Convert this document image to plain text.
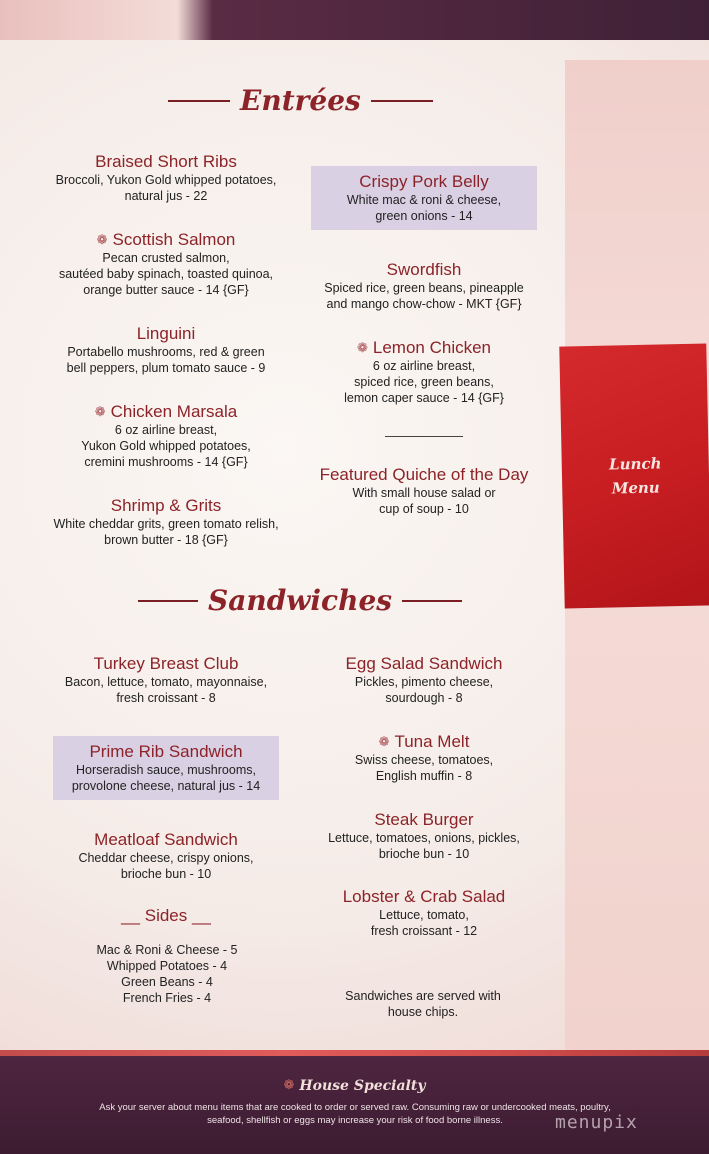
Lunch
Menu
Entrées
Braised Short Ribs
Broccoli, Yukon Gold whipped potatoes,
natural jus - 22
❁ Scottish Salmon
Pecan crusted salmon,
sautéed baby spinach, toasted quinoa,
orange butter sauce - 14 {GF}
Linguini
Portabello mushrooms, red & green
bell peppers, plum tomato sauce - 9
❁ Chicken Marsala
6 oz airline breast,
Yukon Gold whipped potatoes,
cremini mushrooms - 14 {GF}
Shrimp & Grits
White cheddar grits, green tomato relish,
brown butter - 18 {GF}
Crispy Pork Belly
White mac & roni & cheese,
green onions - 14
Swordfish
Spiced rice, green beans, pineapple
and mango chow-chow - MKT {GF}
❁ Lemon Chicken
6 oz airline breast,
spiced rice, green beans,
lemon caper sauce - 14 {GF}
Featured Quiche of the Day
With small house salad or
cup of soup - 10
Sandwiches
Turkey Breast Club
Bacon, lettuce, tomato, mayonnaise,
fresh croissant - 8
Prime Rib Sandwich
Horseradish sauce, mushrooms,
provolone cheese, natural jus - 14
Meatloaf Sandwich
Cheddar cheese, crispy onions,
brioche bun - 10
Egg Salad Sandwich
Pickles, pimento cheese,
sourdough - 8
❁ Tuna Melt
Swiss cheese, tomatoes,
English muffin - 8
Steak Burger
Lettuce, tomatoes, onions, pickles,
brioche bun - 10
Lobster & Crab Salad
Lettuce, tomato,
fresh croissant - 12
__ Sides __
Mac & Roni & Cheese - 5
Whipped Potatoes - 4
Green Beans - 4
French Fries - 4	Sandwiches are served with
house chips.
❁ House Specialty
Ask your server about menu items that are cooked to order or served raw. Consuming raw or undercooked meats, poultry, seafood, shellfish or eggs may increase your risk of food borne illness.	menupix
